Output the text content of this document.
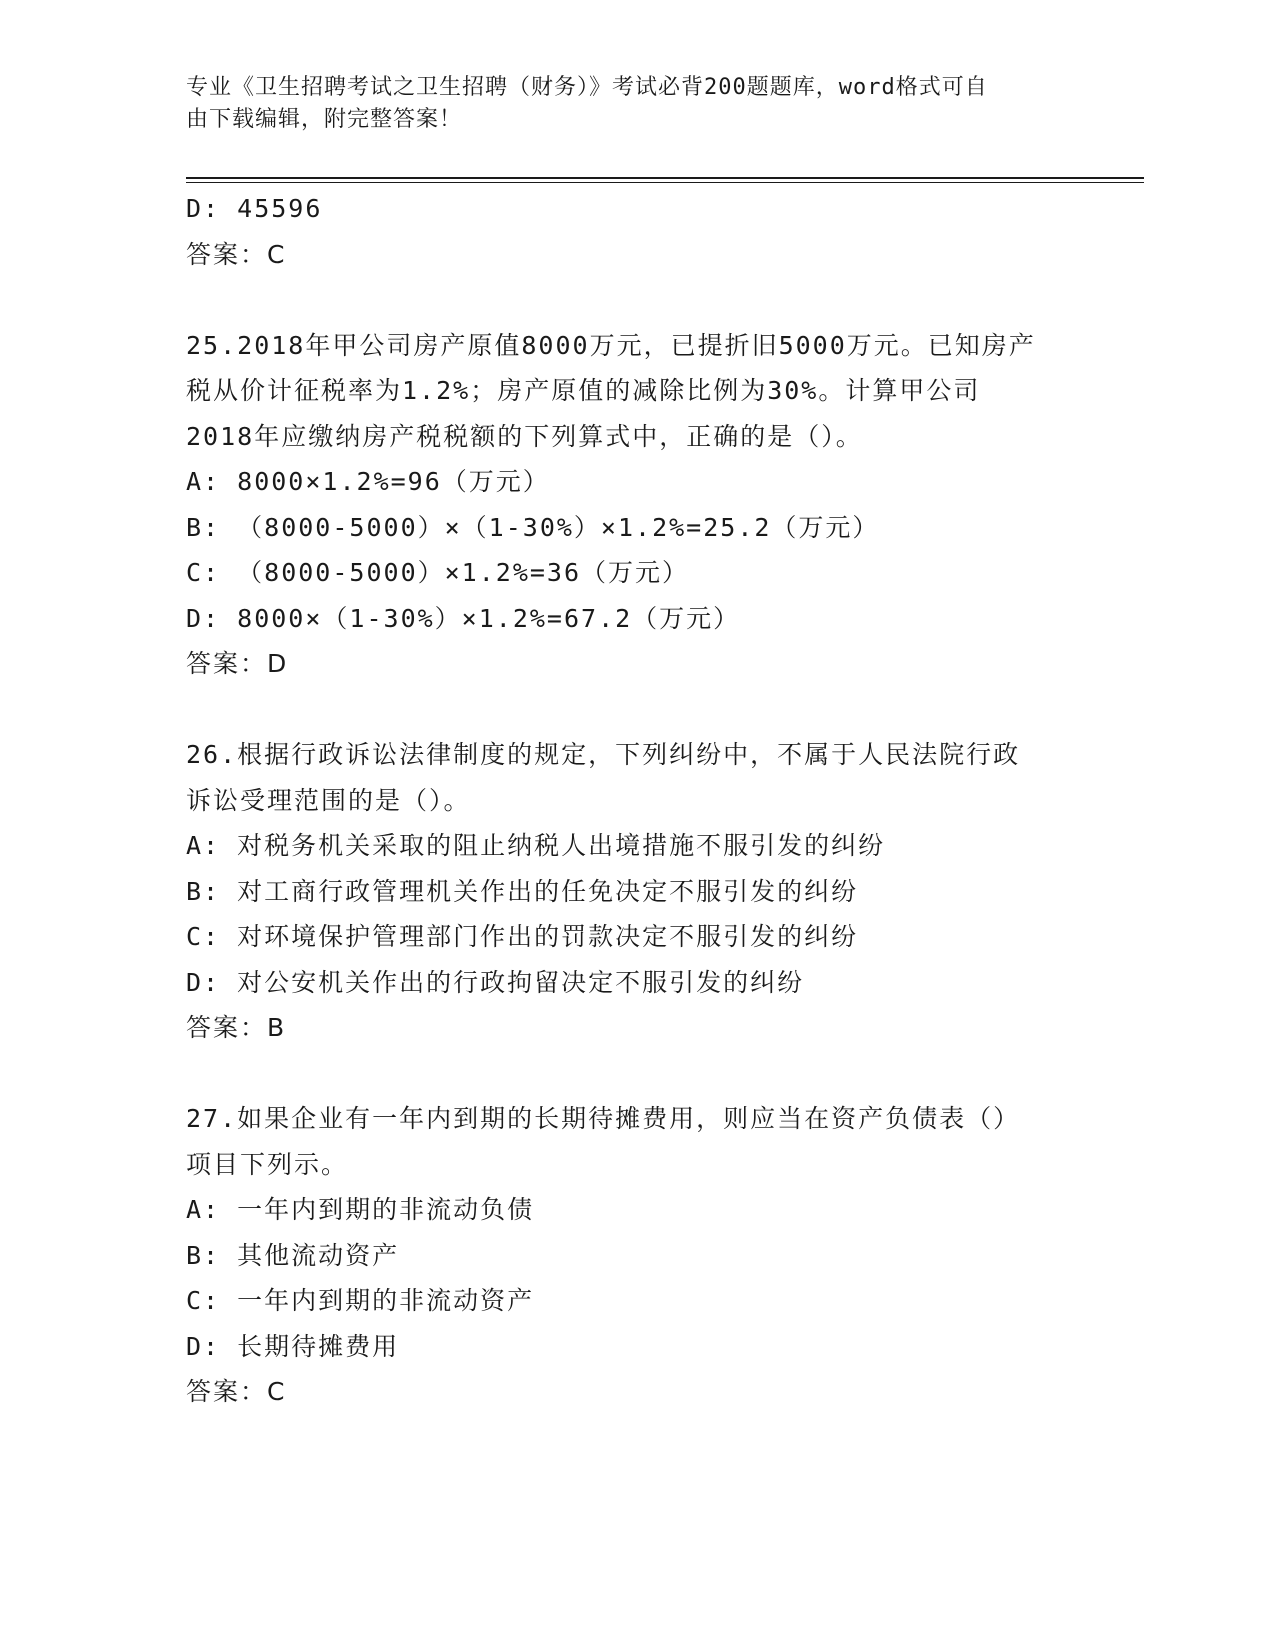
专业《卫生招聘考试之卫生招聘（财务）》考试必背200题题库，word格式可自
由下载编辑，附完整答案！
D: 45596
答案：C
25.2018年甲公司房产原值8000万元，已提折旧5000万元。已知房产
税从价计征税率为1.2%；房产原值的减除比例为30%。计算甲公司
2018年应缴纳房产税税额的下列算式中，正确的是（）。
A: 8000×1.2%=96（万元）
B: （8000-5000）×（1-30%）×1.2%=25.2（万元）
C: （8000-5000）×1.2%=36（万元）
D: 8000×（1-30%）×1.2%=67.2（万元）
答案：D
26.根据行政诉讼法律制度的规定，下列纠纷中，不属于人民法院行政
诉讼受理范围的是（）。
A: 对税务机关采取的阻止纳税人出境措施不服引发的纠纷
B: 对工商行政管理机关作出的任免决定不服引发的纠纷
C: 对环境保护管理部门作出的罚款决定不服引发的纠纷
D: 对公安机关作出的行政拘留决定不服引发的纠纷
答案：B
27.如果企业有一年内到期的长期待摊费用，则应当在资产负债表（）
项目下列示。
A: 一年内到期的非流动负债
B: 其他流动资产
C: 一年内到期的非流动资产
D: 长期待摊费用
答案：C
